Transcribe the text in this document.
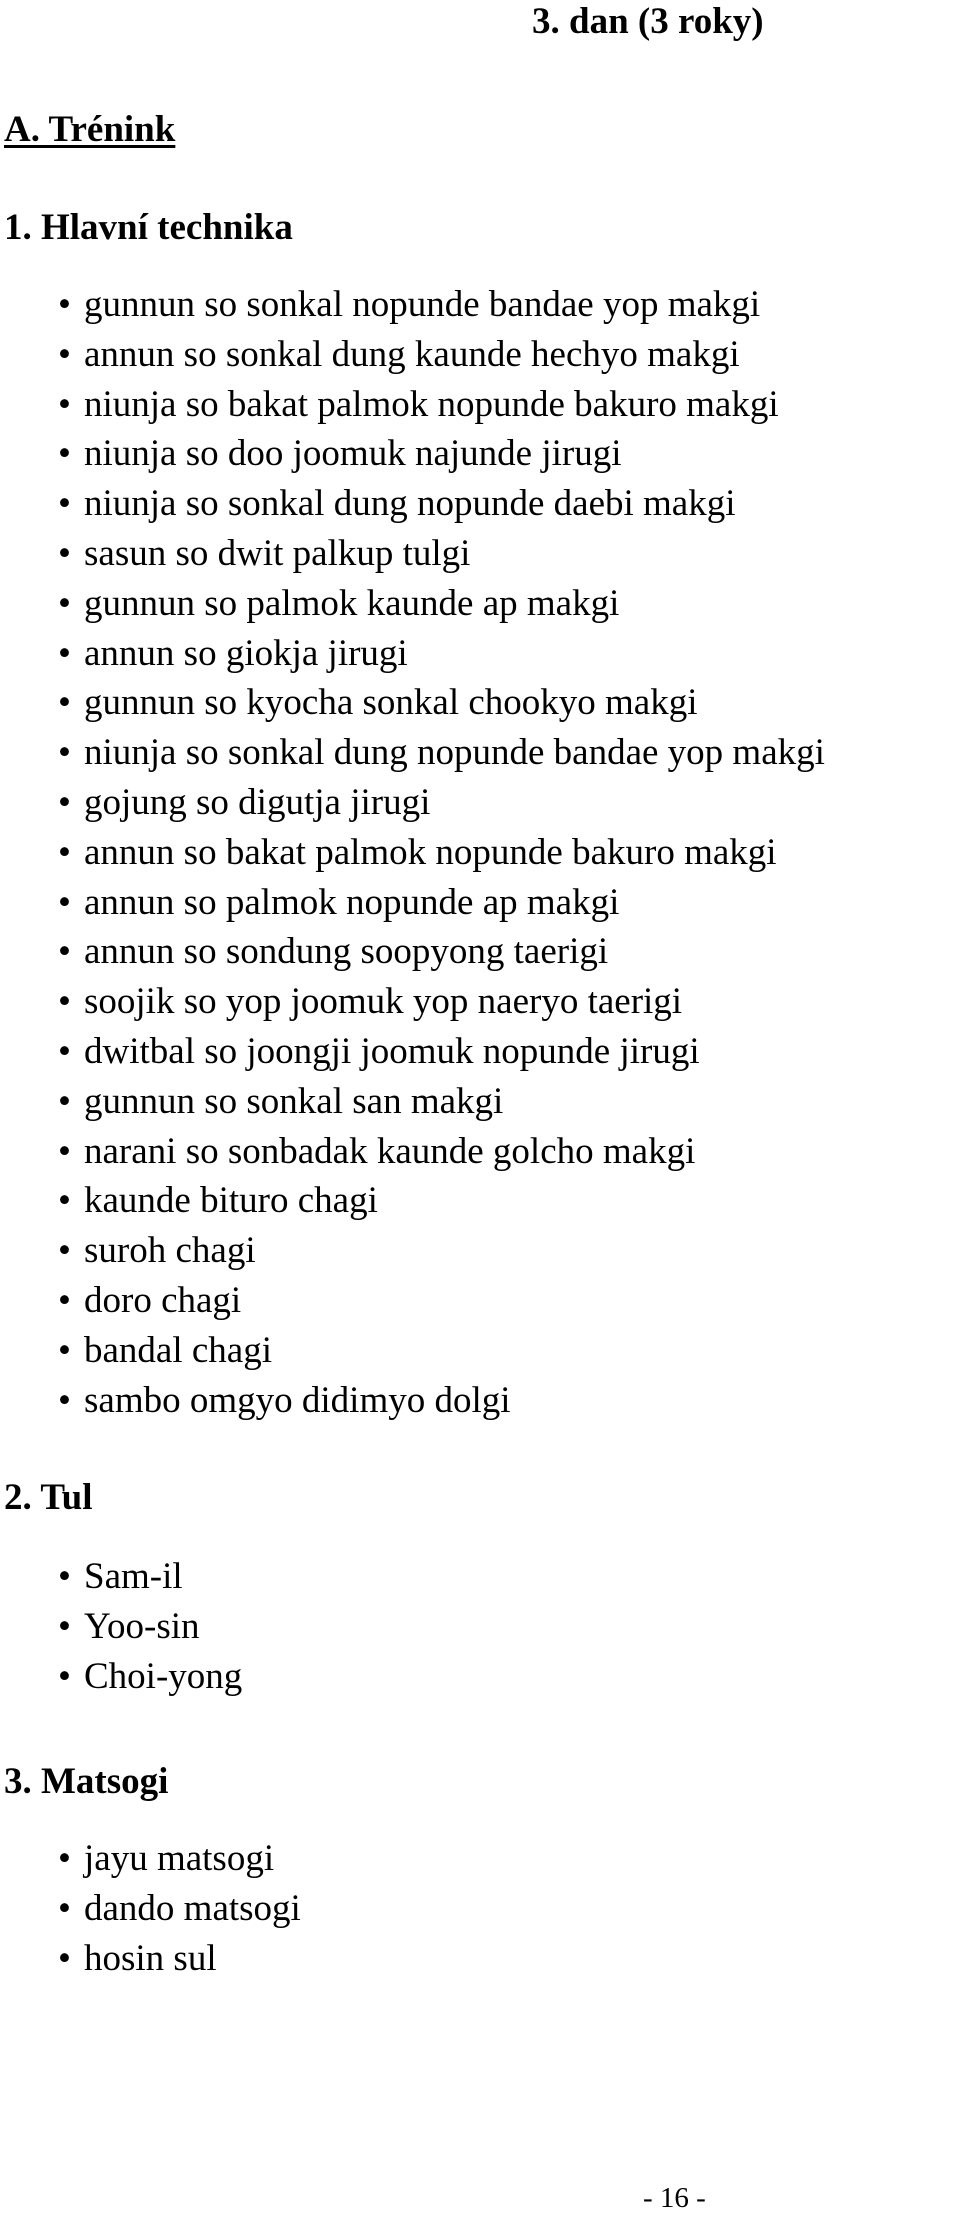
3. dan (3 roky)
A. Trénink
1. Hlavní technika
• gunnun so sonkal nopunde bandae yop makgi
• annun so sonkal dung kaunde hechyo makgi
• niunja so bakat palmok nopunde bakuro makgi
• niunja so doo joomuk najunde jirugi
• niunja so sonkal dung nopunde daebi makgi
• sasun so dwit palkup tulgi
• gunnun so palmok kaunde ap makgi
• annun so giokja jirugi
• gunnun so kyocha sonkal chookyo makgi
• niunja so sonkal dung nopunde bandae yop makgi
• gojung so digutja jirugi
• annun so bakat palmok nopunde bakuro makgi
• annun so palmok nopunde ap makgi
• annun so sondung soopyong taerigi
• soojik so yop joomuk yop naeryo taerigi
• dwitbal so joongji joomuk nopunde jirugi
• gunnun so sonkal san makgi
• narani so sonbadak kaunde golcho makgi
• kaunde bituro chagi
• suroh chagi
• doro chagi
• bandal chagi
• sambo omgyo didimyo dolgi
2. Tul
• Sam-il
• Yoo-sin
• Choi-yong
3. Matsogi
• jayu matsogi
• dando matsogi
• hosin sul
- 16 -
